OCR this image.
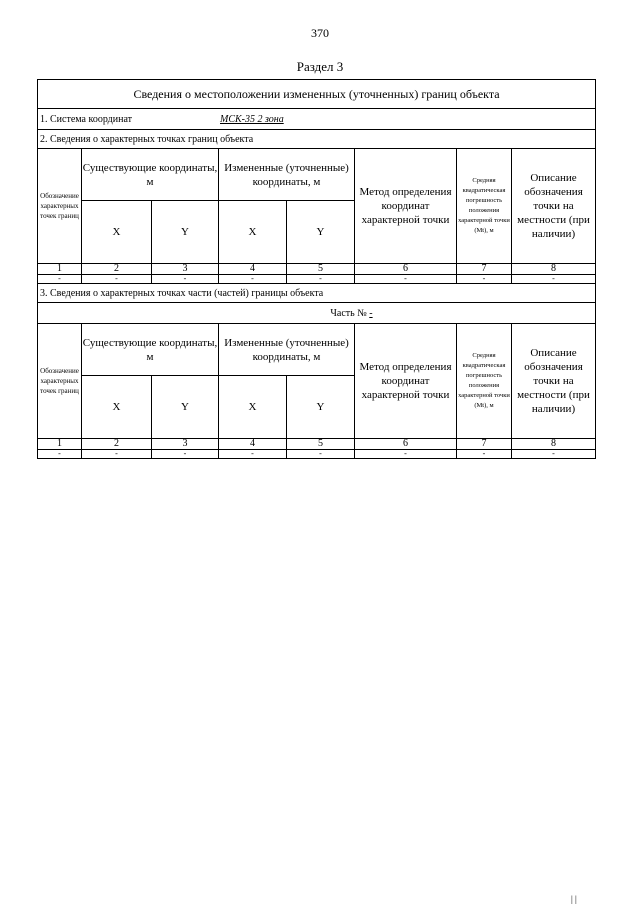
370
Раздел 3
Сведения о местоположении измененных (уточненных) границ объекта							

1. Система координат МСК-35 2 зона							

2. Сведения о характерных точках границ объекта							
Обозначение характерных точек границ	Существующие координаты, м		Измененные (уточненные) координаты, м		Метод определения координат характерной точки	Средняя квадратическая погрешность положения характерной точки (Mt), м	Описание обозначения точки на местности (при наличии)
	X	Y	X	Y			
1	2	3	4	5	6	7	8
-	-	-	-	-	-	-	-
3. Сведения о характерных точках части (частей) границы объекта							
Часть № -							
Обозначение характерных точек границ	Существующие координаты, м		Измененные (уточненные) координаты, м		Метод определения координат характерной точки	Средняя квадратическая погрешность положения характерной точки (Mt), м	Описание обозначения точки на местности (при наличии)
	X	Y	X	Y			
1	2	3	4	5	6	7	8
-	-	-	-	-	-	-	-
| |
